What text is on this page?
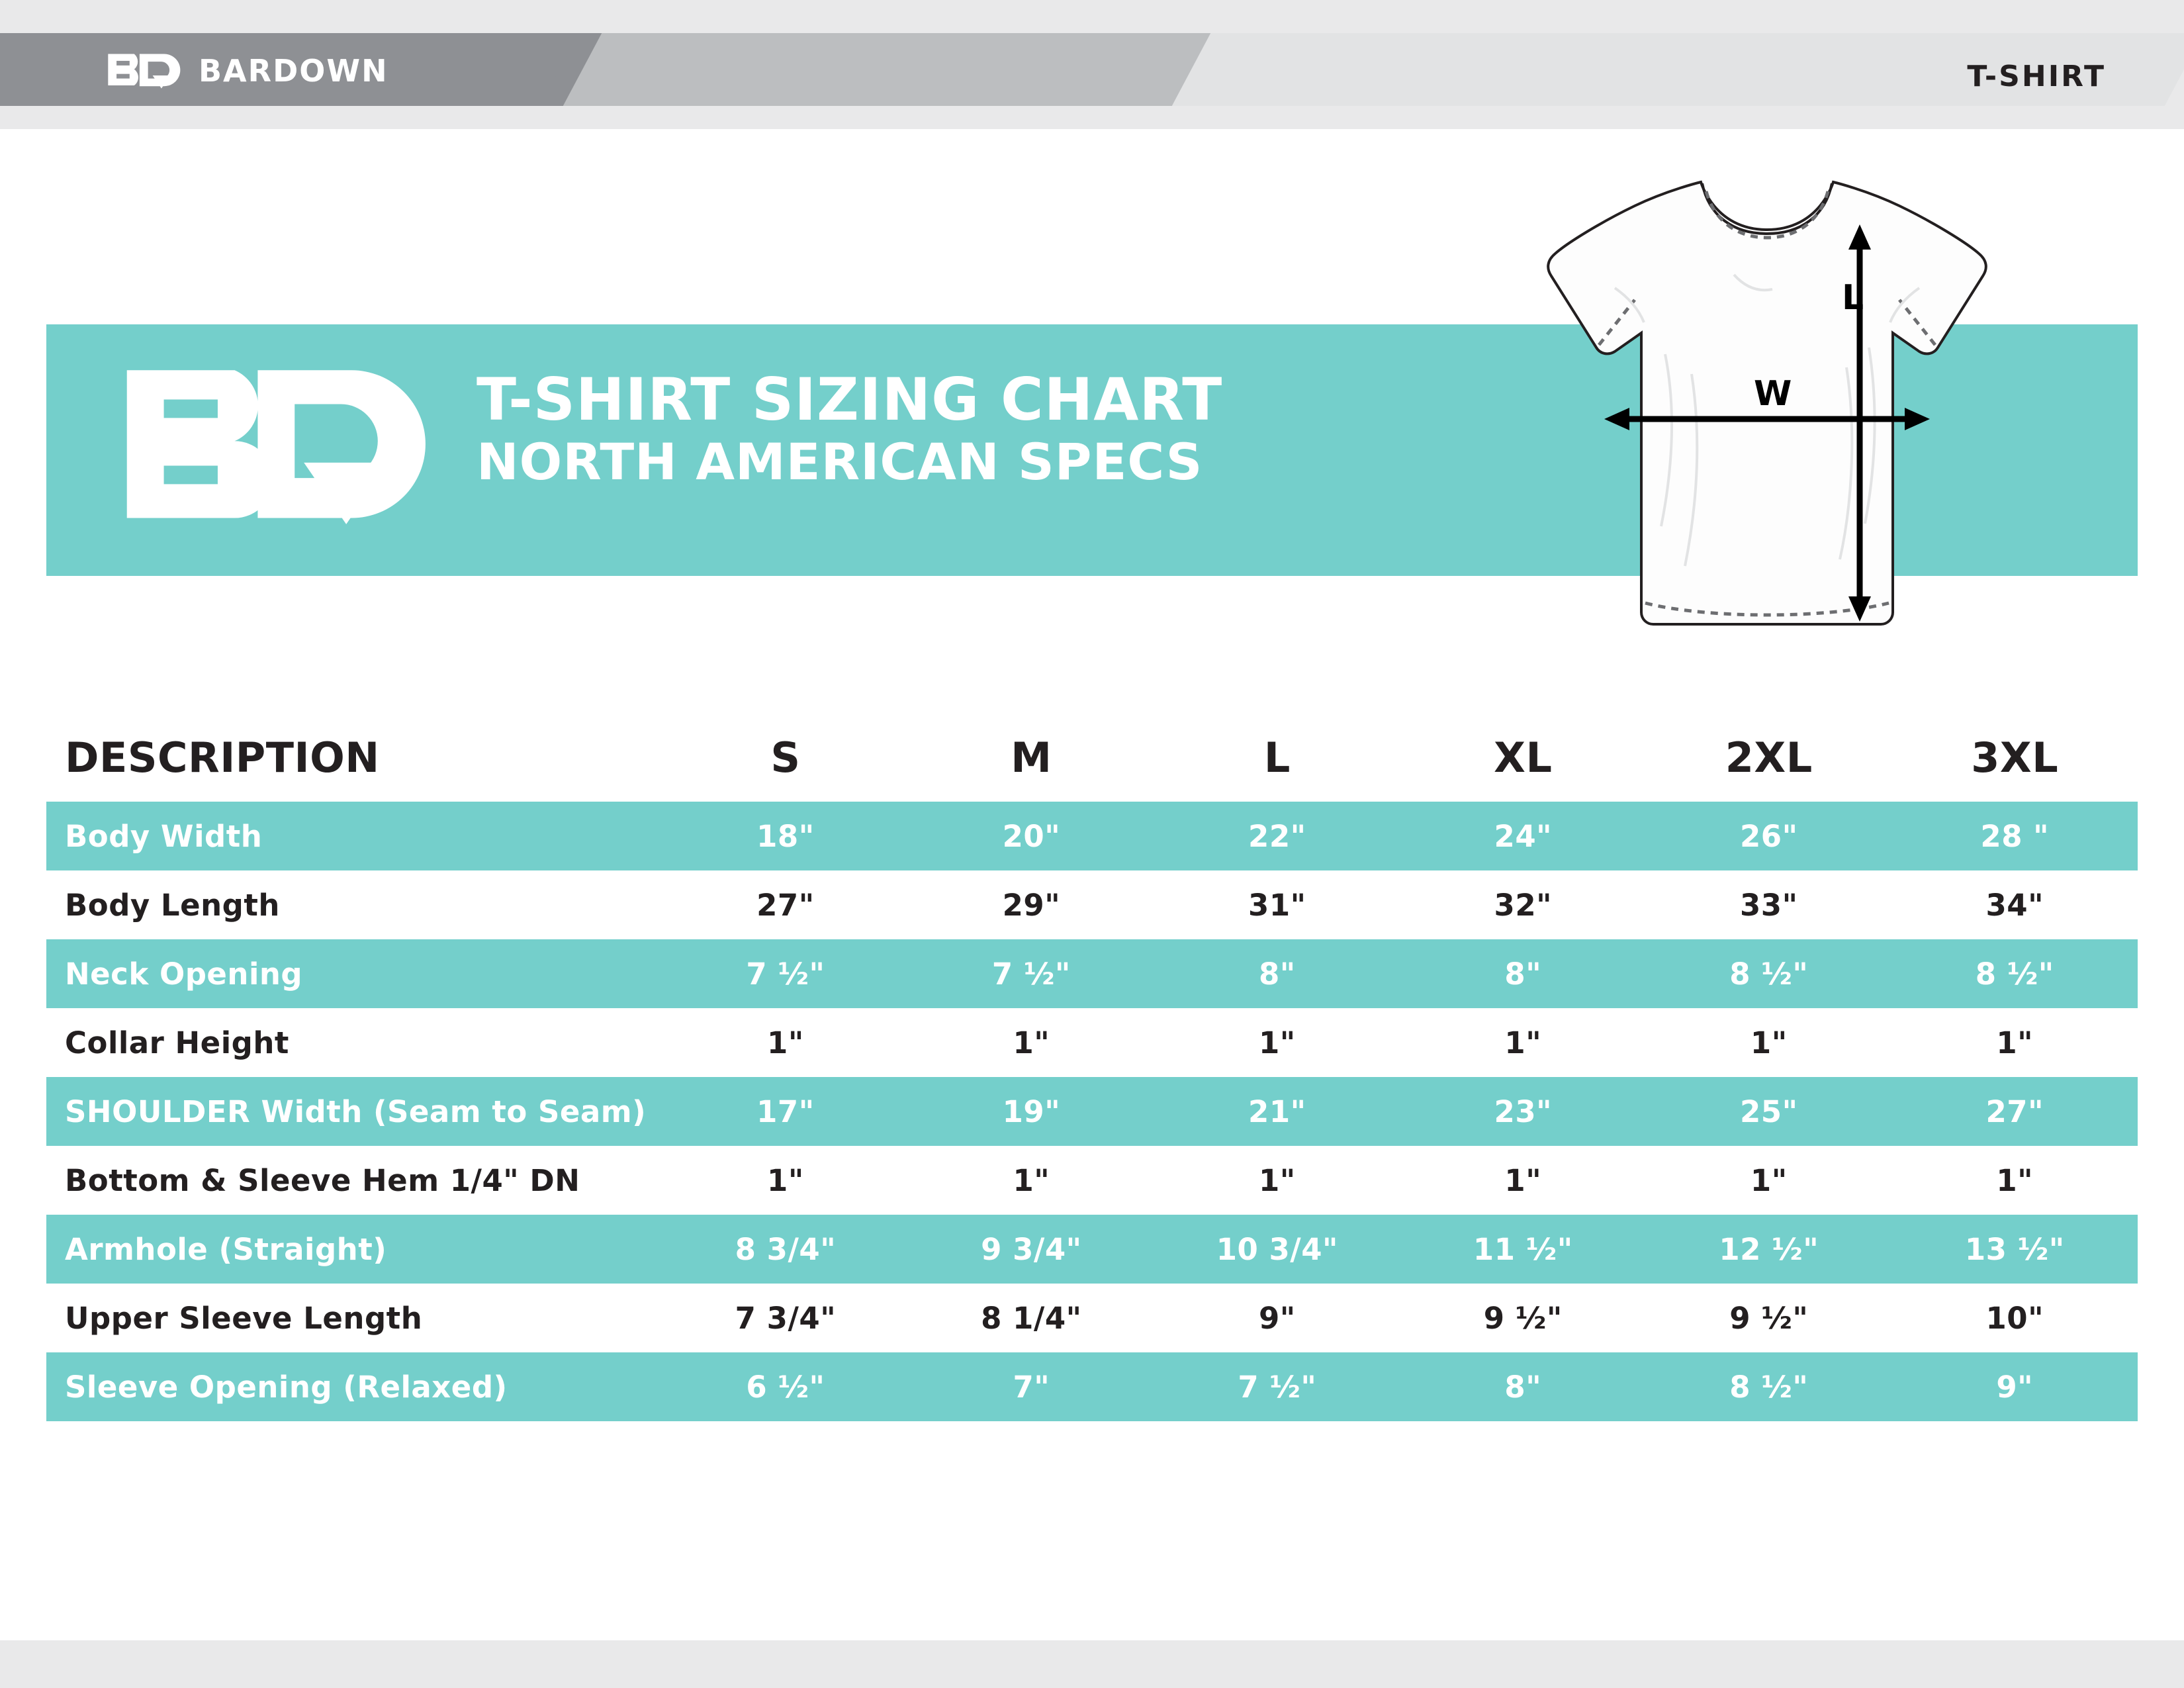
BARDOWN	T-SHIRT
T-SHIRT SIZING CHART
NORTH AMERICAN SPECS
L
W
DESCRIPTION	S	M	L	XL	2XL	3XL
Body Width	18"	20"	22"	24"	26"	28 "
Body Length	27"	29"	31"	32"	33"	34"
Neck Opening	7 ½"	7 ½"	8"	8"	8 ½"	8 ½"
Collar Height	1"	1"	1"	1"	1"	1"
SHOULDER Width (Seam to Seam)	17"	19"	21"	23"	25"	27"
Bottom & Sleeve Hem 1/4" DN	1"	1"	1"	1"	1"	1"
Armhole (Straight)	8 3/4"	9 3/4"	10 3/4"	11 ½"	12 ½"	13 ½"
Upper Sleeve Length	7 3/4"	8 1/4"	9"	9 ½"	9 ½"	10"
Sleeve Opening (Relaxed)	6 ½"	7"	7 ½"	8"	8 ½"	9"
